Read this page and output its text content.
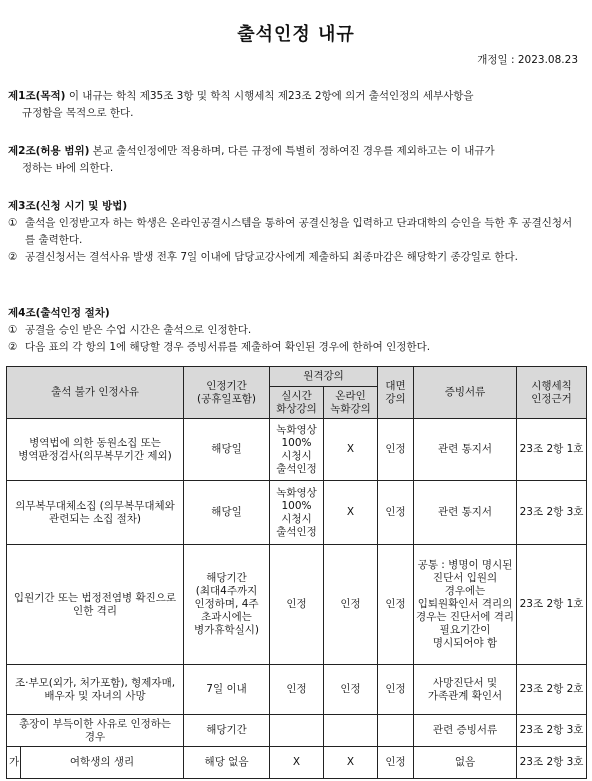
출석인정 내규
개정일 : 2023.08.23
제1조(목적) 이 내규는 학칙 제35조 3항 및 학칙 시행세칙 제23조 2항에 의거 출석인정의 세부사항을
규정함을 목적으로 한다.
제2조(허용 범위) 본교 출석인정에만 적용하며, 다른 규정에 특별히 정하여진 경우를 제외하고는 이 내규가
정하는 바에 의한다.
제3조(신청 시기 및 방법)
① 출석을 인정받고자 하는 학생은 온라인공결시스템을 통하여 공결신청을 입력하고 단과대학의 승인을 득한 후 공결신청서를 출력한다.
② 공결신청서는 결석사유 발생 전후 7일 이내에 담당교강사에게 제출하되 최종마감은 해당학기 종강일로 한다.
제4조(출석인정 절차)
① 공결을 승인 받은 수업 시간은 출석으로 인정한다.
② 다음 표의 각 항의 1에 해당할 경우 증빙서류를 제출하여 확인된 경우에 한하여 인정한다.
출석 불가 인정사유		인정기간 (공휴일포함)	원격강의		대면 강의	증빙서류	시행세칙 인정근거
			실시간 화상강의	온라인 녹화강의			
병역법에 의한 동원소집 또는 병역판정검사(의무복무기간 제외)		해당일	녹화영상 100% 시청시 출석인정	X	인정	관련 통지서	23조 2항 1호
의무복무대체소집 (의무복무대체와 관련되는 소집 절차)		해당일	녹화영상 100% 시청시 출석인정	X	인정	관련 통지서	23조 2항 3호
입원기간 또는 법정전염병 확진으로 인한 격리		해당기간 (최대4주까지 인정하며, 4주 초과시에는 병가휴학실시)	인정	인정	인정	공통 : 병명이 명시된 진단서 입원의 경우에는 입퇴원확인서 격리의 경우는 진단서에 격리 필요기간이 명시되어야 함	23조 2항 1호
조·부모(외가, 처가포함), 형제자매, 배우자 및 자녀의 사망		7일 이내	인정	인정	인정	사망진단서 및 가족관계 확인서	23조 2항 2호
총장이 부득이한 사유로 인정하는 경우		해당기간				관련 증빙서류	23조 2항 3호
가	여학생의 생리	해당 없음	X	X	인정	없음	23조 2항 3호
